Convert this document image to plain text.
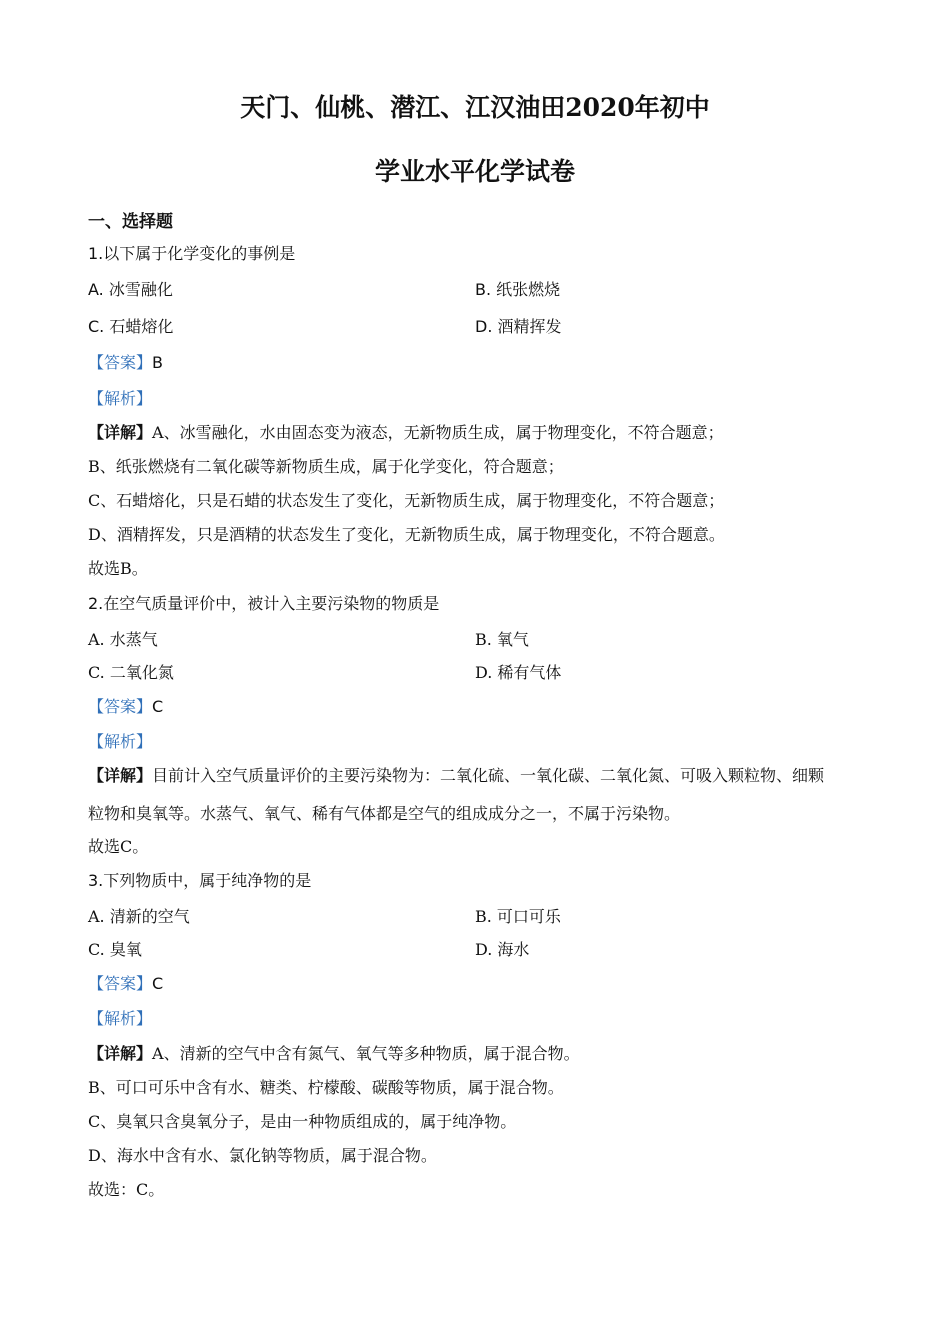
天门、仙桃、潜江、江汉油田2020年初中
学业水平化学试卷
一、选择题
1.以下属于化学变化的事例是
A. 冰雪融化	B. 纸张燃烧
C. 石蜡熔化	D. 酒精挥发
【答案】B
【解析】
【详解】A、冰雪融化，水由固态变为液态，无新物质生成，属于物理变化，不符合题意；
B、纸张燃烧有二氧化碳等新物质生成，属于化学变化，符合题意；
C、石蜡熔化，只是石蜡的状态发生了变化，无新物质生成，属于物理变化，不符合题意；
D、酒精挥发，只是酒精的状态发生了变化，无新物质生成，属于物理变化，不符合题意。
故选B。
2.在空气质量评价中，被计入主要污染物的物质是
A. 水蒸气	B. 氧气
C. 二氧化氮	D. 稀有气体
【答案】C
【解析】
【详解】目前计入空气质量评价的主要污染物为：二氧化硫、一氧化碳、二氧化氮、可吸入颗粒物、细颗
粒物和臭氧等。水蒸气、氧气、稀有气体都是空气的组成成分之一，不属于污染物。
故选C。
3.下列物质中，属于纯净物的是
A. 清新的空气	B. 可口可乐
C. 臭氧	D. 海水
【答案】C
【解析】
【详解】A、清新的空气中含有氮气、氧气等多种物质，属于混合物。
B、可口可乐中含有水、糖类、柠檬酸、碳酸等物质，属于混合物。
C、臭氧只含臭氧分子，是由一种物质组成的，属于纯净物。
D、海水中含有水、氯化钠等物质，属于混合物。
故选：C。
